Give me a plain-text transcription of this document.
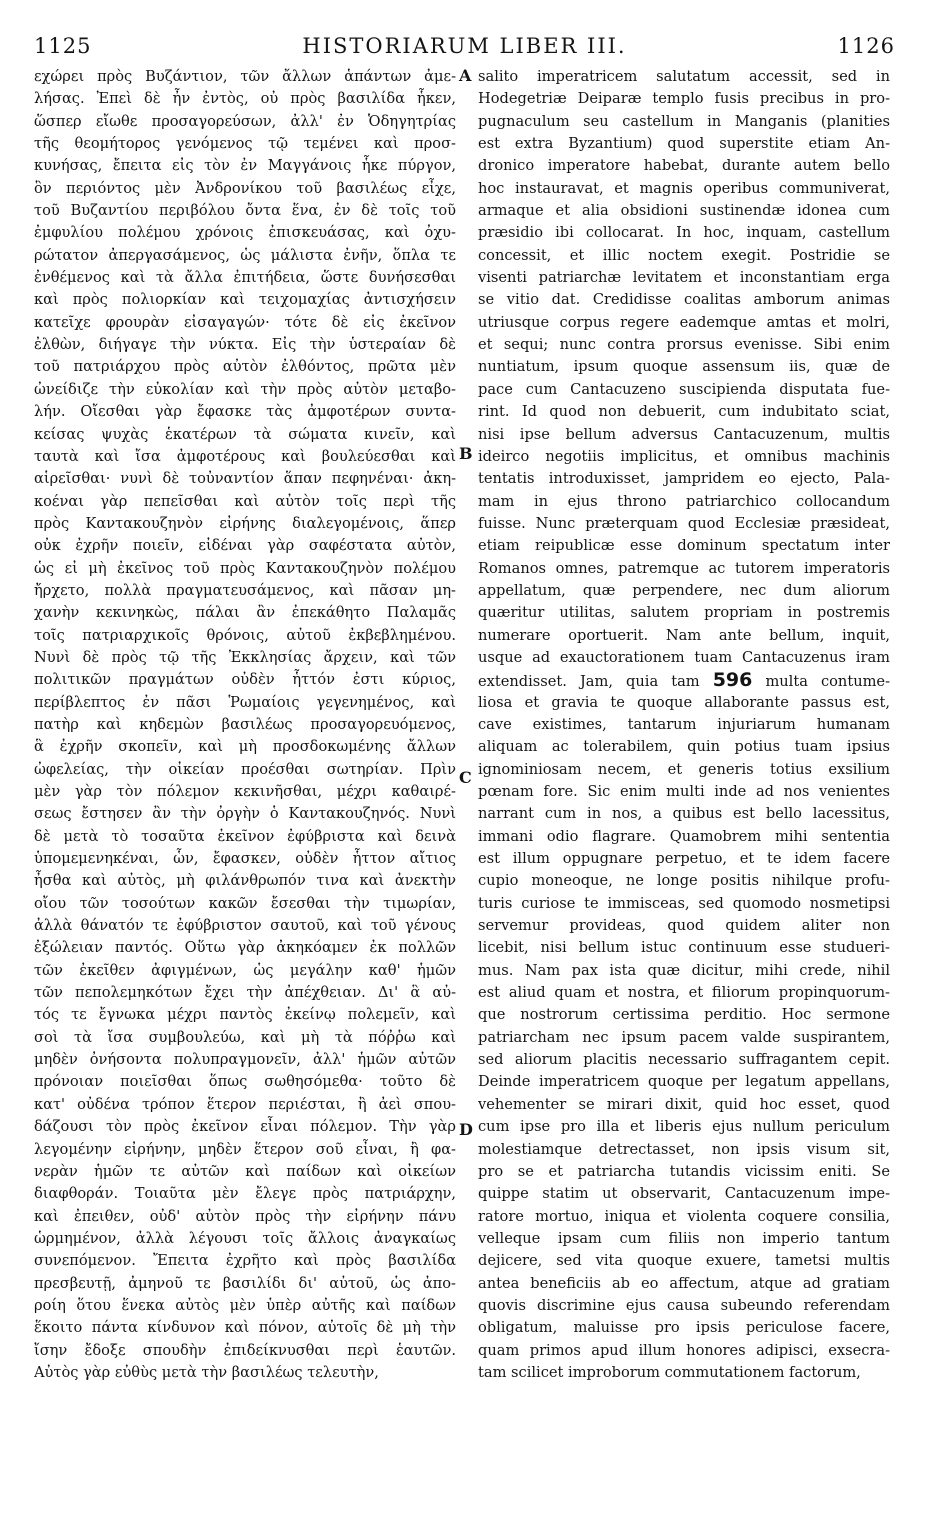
1125	HISTORIARUM LIBER III.	1126
εχώρει πρὸς Βυζάντιον, τῶν ἄλλων ἁπάντων ἀμε-
λήσας. Ἐπεὶ δὲ ἦν ἐντὸς, οὐ πρὸς βασιλίδα ἧκεν,
ὥσπερ εἴωθε προσαγορεύσων, ἀλλ' ἐν Ὁδηγητρίας
τῆς θεομήτορος γενόμενος τῷ τεμένει καὶ προσ-
κυνήσας, ἔπειτα εἰς τὸν ἐν Μαγγάνοις ἧκε πύργον,
ὃν περιόντος μὲν Ἀνδρονίκου τοῦ βασιλέως εἶχε,
τοῦ Βυζαντίου περιβόλου ὄντα ἕνα, ἐν δὲ τοῖς τοῦ
ἐμφυλίου πολέμου χρόνοις ἐπισκευάσας, καὶ ὀχυ-
ρώτατον ἀπεργασάμενος, ὡς μάλιστα ἐνῆν, ὅπλα τε
ἐνθέμενος καὶ τὰ ἄλλα ἐπιτήδεια, ὥστε δυνήσεσθαι
καὶ πρὸς πολιορκίαν καὶ τειχομαχίας ἀντισχήσειν
κατεῖχε φρουρὰν εἰσαγαγών· τότε δὲ εἰς ἐκεῖνον
ἐλθὼν, διήγαγε τὴν νύκτα. Εἰς τὴν ὑστεραίαν δὲ
τοῦ πατριάρχου πρὸς αὐτὸν ἐλθόντος, πρῶτα μὲν
ὠνείδιζε τὴν εὐκολίαν καὶ τὴν πρὸς αὐτὸν μεταβο-
λήν. Οἴεσθαι γὰρ ἔφασκε τὰς ἀμφοτέρων συντα-
κείσας ψυχὰς ἑκατέρων τὰ σώματα κινεῖν, καὶ
ταυτὰ καὶ ἴσα ἀμφοτέρους καὶ βουλεύεσθαι καὶ
αἱρεῖσθαι· νυνὶ δὲ τοὐναντίον ἅπαν πεφηνέναι· ἀκη-
κοέναι γὰρ πεπεῖσθαι καὶ αὐτὸν τοῖς περὶ τῆς
πρὸς Καντακουζηνὸν εἰρήνης διαλεγομένοις, ἅπερ
οὐκ ἐχρῆν ποιεῖν, εἰδέναι γὰρ σαφέστατα αὐτὸν,
ὡς εἰ μὴ ἐκεῖνος τοῦ πρὸς Καντακουζηνὸν πολέμου
ἤρχετο, πολλὰ πραγματευσάμενος, καὶ πᾶσαν μη-
χανὴν κεκινηκὼς, πάλαι ἂν ἐπεκάθητο Παλαμᾶς
τοῖς πατριαρχικοῖς θρόνοις, αὐτοῦ ἐκβεβλημένου.
Νυνὶ δὲ πρὸς τῷ τῆς Ἐκκλησίας ἄρχειν, καὶ τῶν
πολιτικῶν πραγμάτων οὐδὲν ἧττόν ἐστι κύριος,
περίβλεπτος ἐν πᾶσι Ῥωμαίοις γεγενημένος, καὶ
πατὴρ καὶ κηδεμὼν βασιλέως προσαγορευόμενος,
ἃ ἐχρῆν σκοπεῖν, καὶ μὴ προσδοκωμένης ἄλλων
ὠφελείας, τὴν οἰκείαν προέσθαι σωτηρίαν. Πρὶν
μὲν γὰρ τὸν πόλεμον κεκινῆσθαι, μέχρι καθαιρέ-
σεως ἔστησεν ἂν τὴν ὀργὴν ὁ Καντακουζηνός. Νυνὶ
δὲ μετὰ τὸ τοσαῦτα ἐκεῖνον ἐφύβριστα καὶ δεινὰ
ὑπομεμενηκέναι, ὧν, ἔφασκεν, οὐδὲν ἧττον αἴτιος
ἦσθα καὶ αὐτὸς, μὴ φιλάνθρωπόν τινα καὶ ἀνεκτὴν
οἴου τῶν τοσούτων κακῶν ἔσεσθαι τὴν τιμωρίαν,
ἀλλὰ θάνατόν τε ἐφύβριστον σαυτοῦ, καὶ τοῦ γένους
ἐξώλειαν παντός. Οὕτω γὰρ ἀκηκόαμεν ἐκ πολλῶν
τῶν ἐκεῖθεν ἀφιγμένων, ὡς μεγάλην καθ' ἡμῶν
τῶν πεπολεμηκότων ἔχει τὴν ἀπέχθειαν. Δι' ἃ αὐ-
τός τε ἔγνωκα μέχρι παντὸς ἐκείνῳ πολεμεῖν, καὶ
σοὶ τὰ ἴσα συμβουλεύω, καὶ μὴ τὰ πόῤῥω καὶ
μηδὲν ὀνήσοντα πολυπραγμονεῖν, ἀλλ' ἡμῶν αὐτῶν
πρόνοιαν ποιεῖσθαι ὅπως σωθησόμεθα· τοῦτο δὲ
κατ' οὐδένα τρόπον ἕτερον περιέσται, ἢ ἀεὶ σπου-
δάζουσι τὸν πρὸς ἐκεῖνον εἶναι πόλεμον. Τὴν γὰρ
λεγομένην εἰρήνην, μηδὲν ἕτερον σοῦ εἶναι, ἢ φα-
νερὰν ἡμῶν τε αὐτῶν καὶ παίδων καὶ οἰκείων
διαφθοράν. Τοιαῦτα μὲν ἔλεγε πρὸς πατριάρχην,
καὶ ἐπειθεν, οὐδ' αὐτὸν πρὸς τὴν εἰρήνην πάνυ
ὡρμημένον, ἀλλὰ λέγουσι τοῖς ἄλλοις ἀναγκαίως
συνεπόμενον. Ἔπειτα ἐχρῆτο καὶ πρὸς βασιλίδα
πρεσβευτῇ, ἀμηνοῦ τε βασιλίδι δι' αὐτοῦ, ὡς ἀπο-
ροίη ὅτου ἕνεκα αὐτὸς μὲν ὑπὲρ αὐτῆς καὶ παίδων
ἕκοιτο πάντα κίνδυνον καὶ πόνον, αὐτοῖς δὲ μὴ τὴν
ἴσην ἔδοξε σπουδὴν ἐπιδείκνυσθαι περὶ ἑαυτῶν.
Αὐτὸς γὰρ εὐθὺς μετὰ τὴν βασιλέως τελευτὴν,
A
B
C
D
salito imperatricem salutatum accessit, sed in
Hodegetriæ Deiparæ templo fusis precibus in pro-
pugnaculum seu castellum in Manganis (planities
est extra Byzantium) quod superstite etiam An-
dronico imperatore habebat, durante autem bello
hoc instauravat, et magnis operibus communiverat,
armaque et alia obsidioni sustinendæ idonea cum
præsidio ibi collocarat. In hoc, inquam, castellum
concessit, et illic noctem exegit. Postridie se
visenti patriarchæ levitatem et inconstantiam erga
se vitio dat. Credidisse coalitas amborum animas
utriusque corpus regere eademque amtas et molri,
et sequi; nunc contra prorsus evenisse. Sibi enim
nuntiatum, ipsum quoque assensum iis, quæ de
pace cum Cantacuzeno suscipienda disputata fue-
rint. Id quod non debuerit, cum indubitato sciat,
nisi ipse bellum adversus Cantacuzenum, multis
ideirco negotiis implicitus, et omnibus machinis
tentatis introduxisset, jampridem eo ejecto, Pala-
mam in ejus throno patriarchico collocandum
fuisse. Nunc præterquam quod Ecclesiæ præsideat,
etiam reipublicæ esse dominum spectatum inter
Romanos omnes, patremque ac tutorem imperatoris
appellatum, quæ perpendere, nec dum aliorum
quæritur utilitas, salutem propriam in postremis
numerare oportuerit. Nam ante bellum, inquit,
usque ad exauctorationem tuam Cantacuzenus iram
extendisset. Jam, quia tam 596 multa contume-
liosa et gravia te quoque allaborante passus est,
cave existimes, tantarum injuriarum humanam
aliquam ac tolerabilem, quin potius tuam ipsius
ignominiosam necem, et generis totius exsilium
pœnam fore. Sic enim multi inde ad nos venientes
narrant cum in nos, a quibus est bello lacessitus,
immani odio flagrare. Quamobrem mihi sententia
est illum oppugnare perpetuo, et te idem facere
cupio moneoque, ne longe positis nihilque profu-
turis curiose te immisceas, sed quomodo nosmetipsi
servemur provideas, quod quidem aliter non
licebit, nisi bellum istuc continuum esse studueri-
mus. Nam pax ista quæ dicitur, mihi crede, nihil
est aliud quam et nostra, et filiorum propinquorum-
que nostrorum certissima perditio. Hoc sermone
patriarcham nec ipsum pacem valde suspirantem,
sed aliorum placitis necessario suffragantem cepit.
Deinde imperatricem quoque per legatum appellans,
vehementer se mirari dixit, quid hoc esset, quod
cum ipse pro illa et liberis ejus nullum periculum
molestiamque detrectasset, non ipsis visum sit,
pro se et patriarcha tutandis vicissim eniti. Se
quippe statim ut observarit, Cantacuzenum impe-
ratore mortuo, iniqua et violenta coquere consilia,
velleque ipsam cum filiis non imperio tantum
dejicere, sed vita quoque exuere, tametsi multis
antea beneficiis ab eo affectum, atque ad gratiam
quovis discrimine ejus causa subeundo referendam
obligatum, maluisse pro ipsis periculose facere,
quam primos apud illum honores adipisci, exsecra-
tam scilicet improborum commutationem factorum,
